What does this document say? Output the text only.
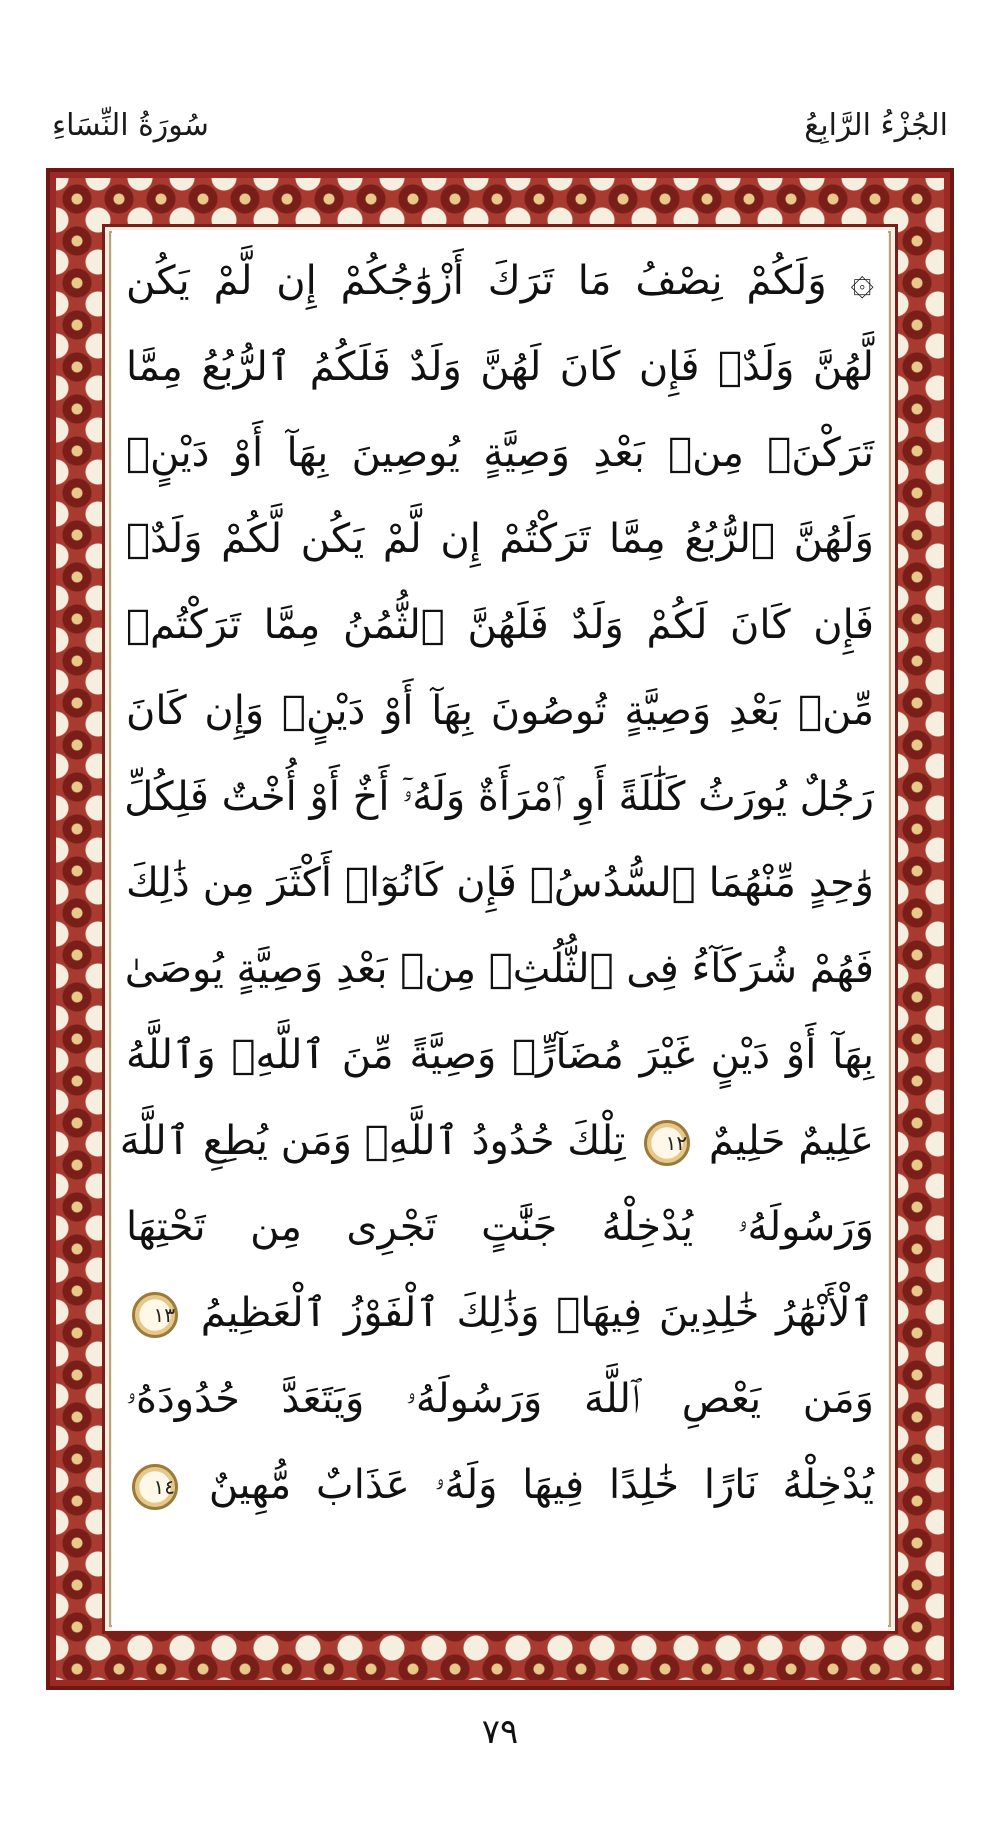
الجُزْءُ الرَّابِعُ
سُورَةُ النِّسَاءِ
۞ وَلَكُمْ نِصْفُ مَا تَرَكَ أَزْوَٰجُكُمْ إِن لَّمْ يَكُن
لَّهُنَّ وَلَدٌۚ فَإِن كَانَ لَهُنَّ وَلَدٌ فَلَكُمُ ٱلرُّبُعُ مِمَّا
تَرَكْنَۚ مِنۢ بَعْدِ وَصِيَّةٍ يُوصِينَ بِهَآ أَوْ دَيْنٍۚ
وَلَهُنَّ ٱلرُّبُعُ مِمَّا تَرَكْتُمْ إِن لَّمْ يَكُن لَّكُمْ وَلَدٌۚ
فَإِن كَانَ لَكُمْ وَلَدٌ فَلَهُنَّ ٱلثُّمُنُ مِمَّا تَرَكْتُمۚ
مِّنۢ بَعْدِ وَصِيَّةٍ تُوصُونَ بِهَآ أَوْ دَيْنٍۗ وَإِن كَانَ
رَجُلٌ يُورَثُ كَلَٰلَةً أَوِ ٱمْرَأَةٌ وَلَهُۥٓ أَخٌ أَوْ أُخْتٌ فَلِكُلِّ
وَٰحِدٍ مِّنْهُمَا ٱلسُّدُسُۚ فَإِن كَانُوٓا۟ أَكْثَرَ مِن ذَٰلِكَ
فَهُمْ شُرَكَآءُ فِى ٱلثُّلُثِۚ مِنۢ بَعْدِ وَصِيَّةٍ يُوصَىٰ
بِهَآ أَوْ دَيْنٍ غَيْرَ مُضَآرٍّۚ وَصِيَّةً مِّنَ ٱللَّهِۗ وَٱللَّهُ
عَلِيمٌ حَلِيمٌ ١٢ تِلْكَ حُدُودُ ٱللَّهِۚ وَمَن يُطِعِ ٱللَّهَ
وَرَسُولَهُۥ يُدْخِلْهُ جَنَّٰتٍ تَجْرِى مِن تَحْتِهَا
ٱلْأَنْهَٰرُ خَٰلِدِينَ فِيهَاۚ وَذَٰلِكَ ٱلْفَوْزُ ٱلْعَظِيمُ ١٣
وَمَن يَعْصِ ٱللَّهَ وَرَسُولَهُۥ وَيَتَعَدَّ حُدُودَهُۥ
يُدْخِلْهُ نَارًا خَٰلِدًا فِيهَا وَلَهُۥ عَذَابٌ مُّهِينٌ ١٤
٧٩
